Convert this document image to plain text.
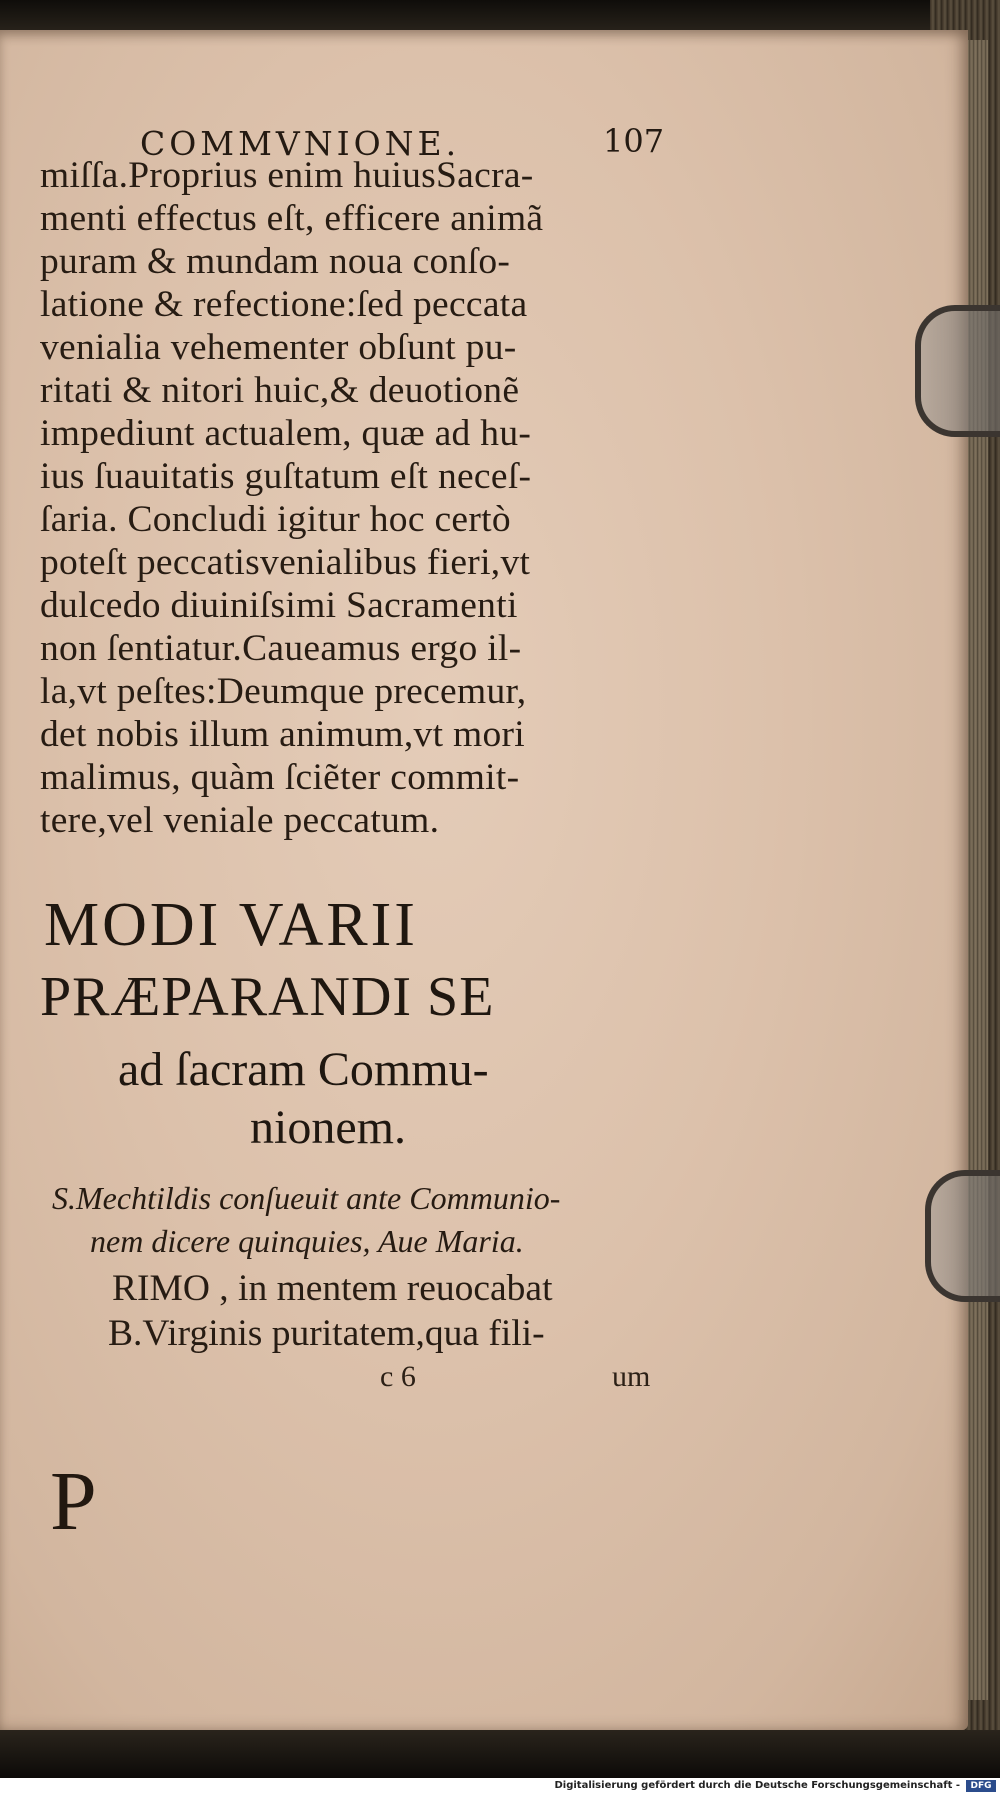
COMMVNIONE.	107
miſſa.Proprius enim huiusSacra-
menti effectus eſt, efficere animã
puram & mundam noua conſo-
latione & refectione:ſed peccata
venialia vehementer obſunt pu-
ritati & nitori huic,& deuotionẽ
impediunt actualem, quæ ad hu-
ius ſuauitatis guſtatum eſt neceſ-
ſaria. Concludi igitur hoc certò
poteſt peccatisvenialibus fieri,vt
dulcedo diuiniſsimi Sacramenti
non ſentiatur.Caueamus ergo il-
la,vt peſtes:Deumque precemur,
det nobis illum animum,vt mori
malimus, quàm ſciẽter commit-
tere,vel veniale peccatum.
MODI VARII
PRÆPARANDI SE
ad ſacram Commu-
nionem.
S.Mechtildis conſueuit ante Communio-
nem dicere quinquies, Aue Maria.
P
RIMO , in mentem reuocabat
B.Virginis puritatem,qua fili-
c 6	um
Digitalisierung gefördert durch die Deutsche Forschungsgemeinschaft -	DFG
